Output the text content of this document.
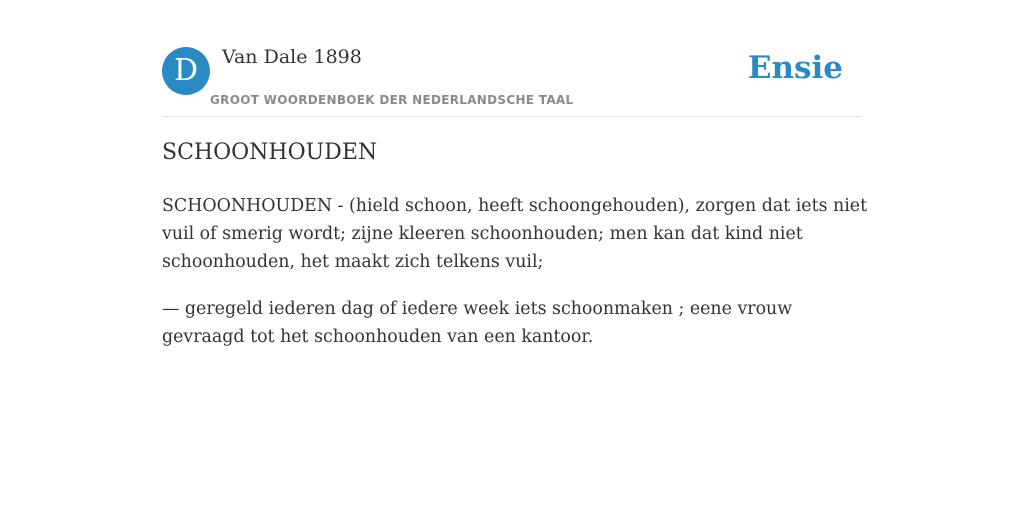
D	Van Dale 1898
GROOT WOORDENBOEK DER NEDERLANDSCHE TAAL
Ensie
SCHOONHOUDEN

SCHOONHOUDEN - (hield schoon, heeft schoongehouden), zorgen dat iets niet vuil of smerig wordt; zijne kleeren schoonhouden; men kan dat kind niet schoonhouden, het maakt zich telkens vuil;

— geregeld iederen dag of iedere week iets schoonmaken ; eene vrouw gevraagd tot het schoonhouden van een kantoor.
